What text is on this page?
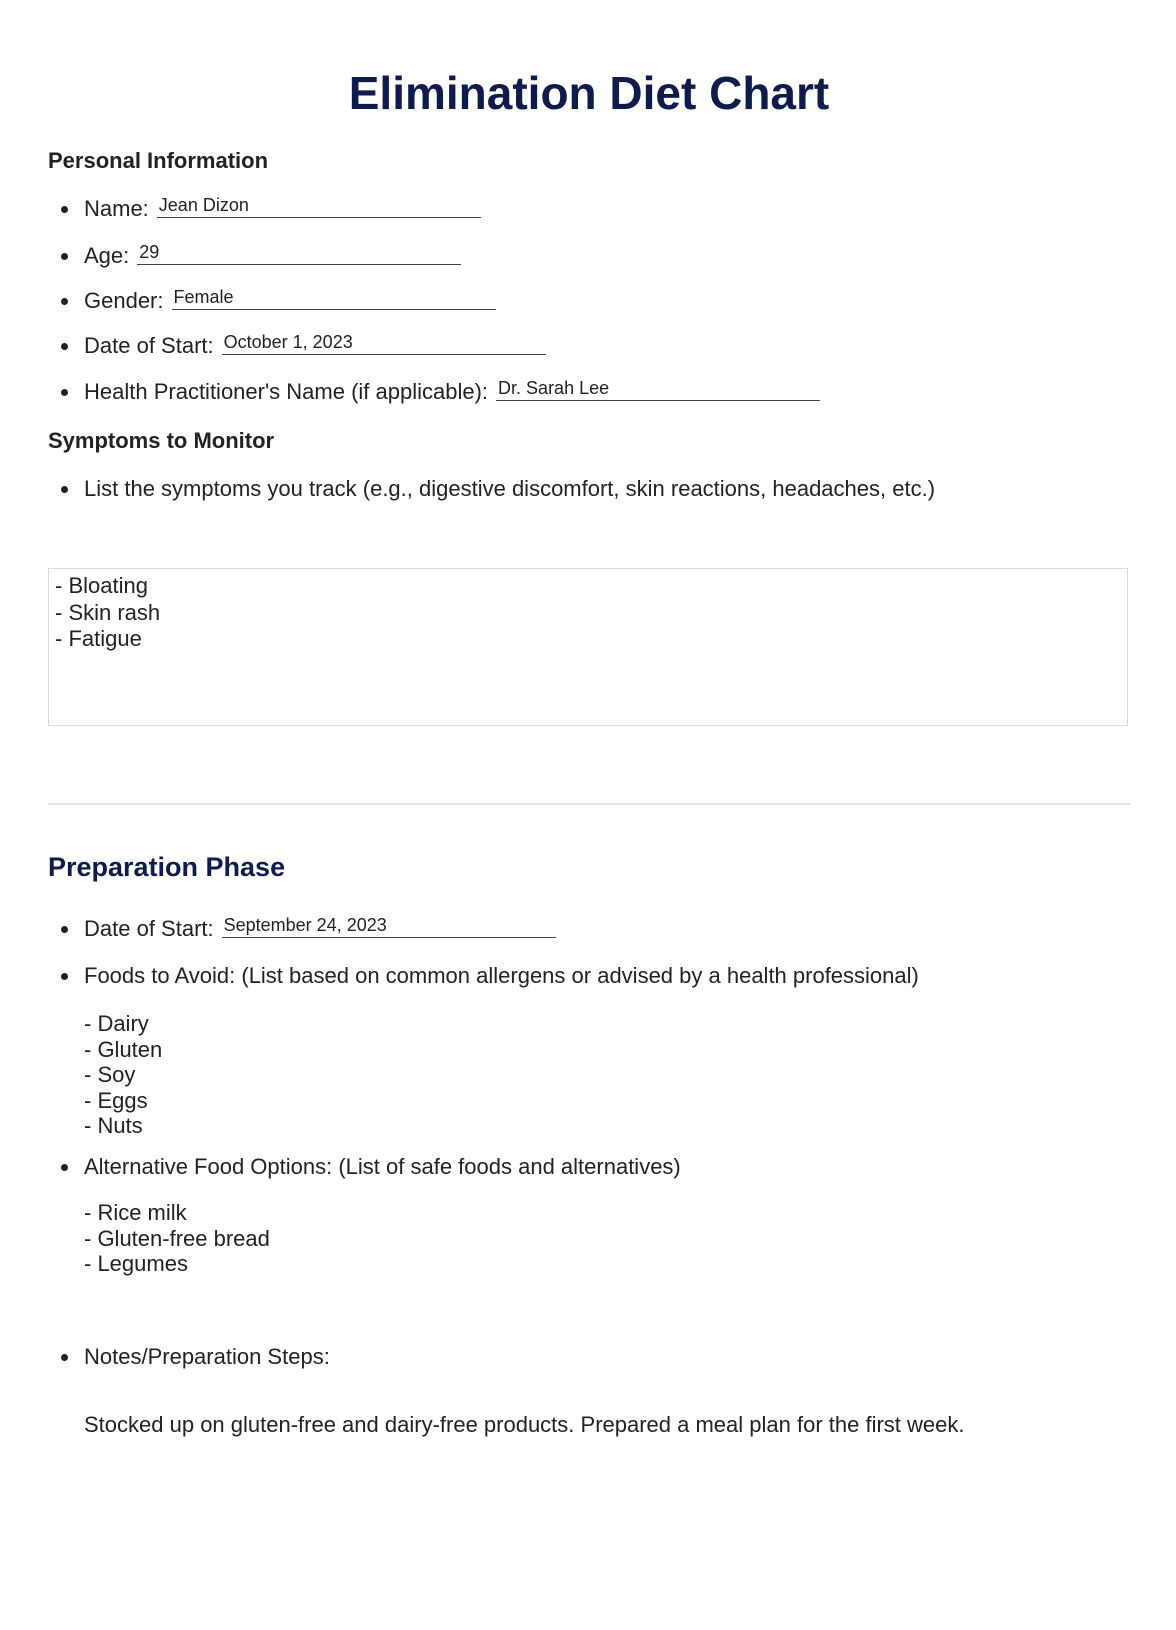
Elimination Diet Chart
Personal Information
Name: Jean Dizon
Age: 29
Gender: Female
Date of Start: October 1, 2023
Health Practitioner's Name (if applicable): Dr. Sarah Lee
Symptoms to Monitor
List the symptoms you track (e.g., digestive discomfort, skin reactions, headaches, etc.)
- Bloating
- Skin rash
- Fatigue
Preparation Phase
Date of Start: September 24, 2023
Foods to Avoid: (List based on common allergens or advised by a health professional)
- Dairy
- Gluten
- Soy
- Eggs
- Nuts
Alternative Food Options: (List of safe foods and alternatives)
- Rice milk
- Gluten-free bread
- Legumes
Notes/Preparation Steps:
Stocked up on gluten-free and dairy-free products. Prepared a meal plan for the first week.
